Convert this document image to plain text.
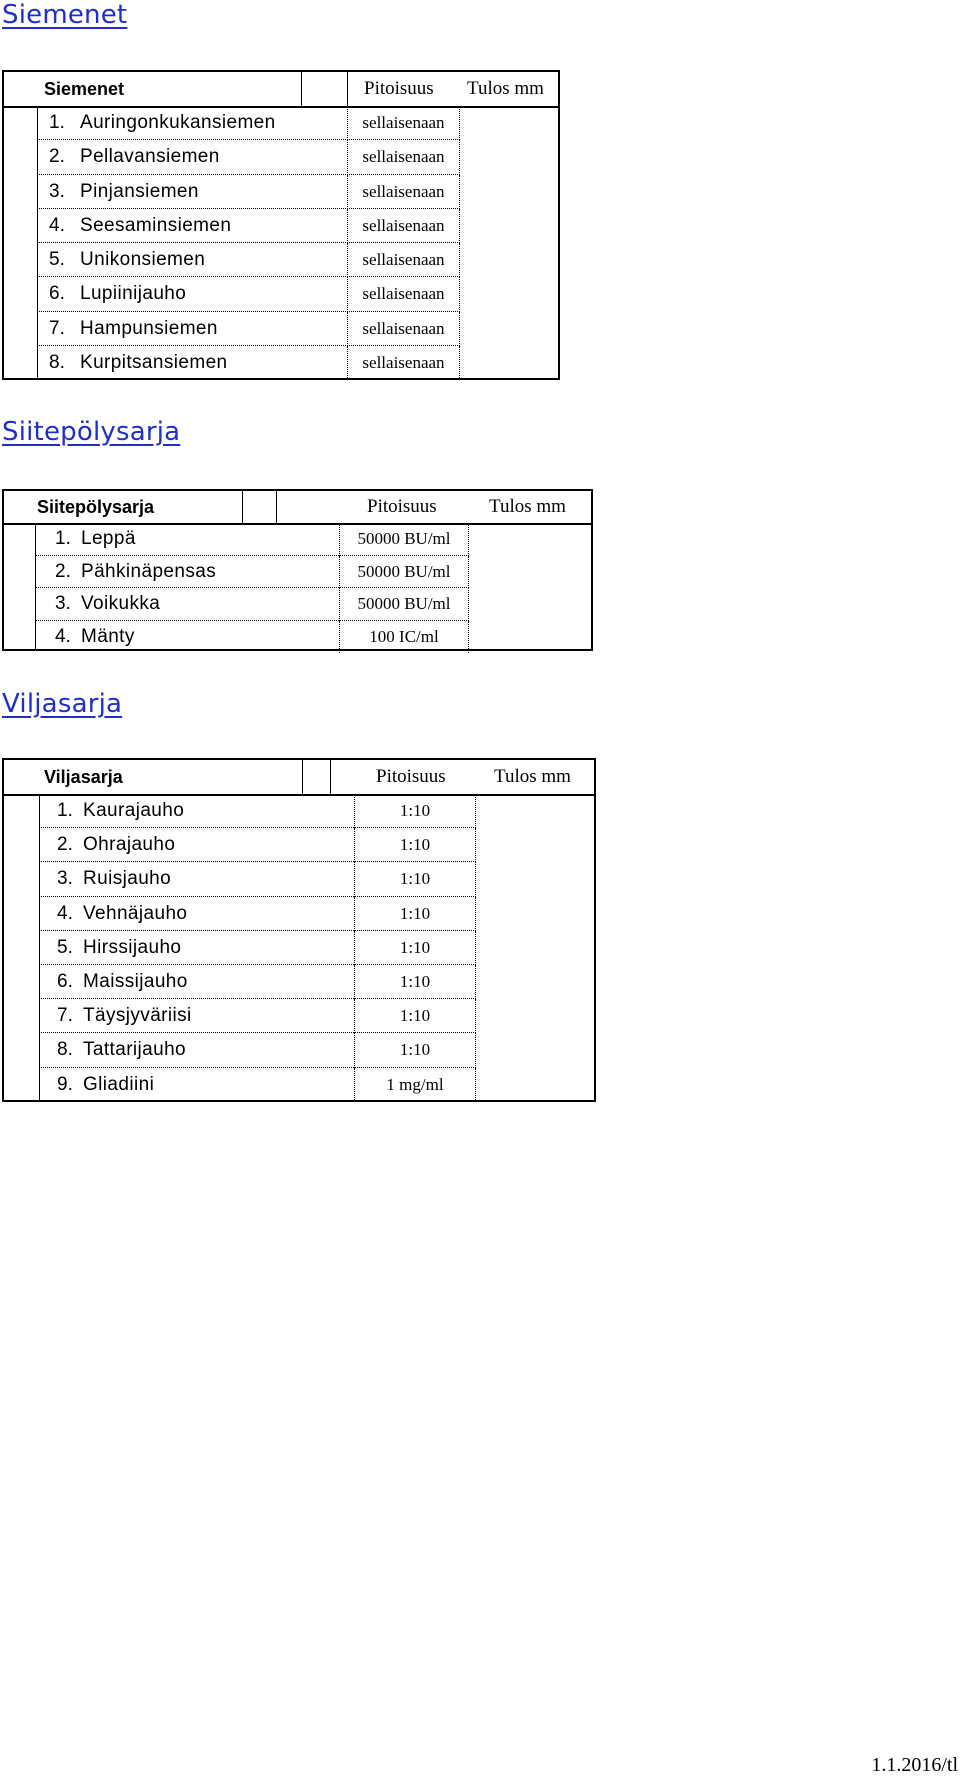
Siemenet
Siemenet	Pitoisuus Tulos mm
1. Auringonkukansiemen	sellaisenaan
2. Pellavansiemen	sellaisenaan
3. Pinjansiemen	sellaisenaan
4. Seesaminsiemen	sellaisenaan
5. Unikonsiemen	sellaisenaan
6. Lupiinijauho	sellaisenaan
7. Hampunsiemen	sellaisenaan
8. Kurpitsansiemen	sellaisenaan
Siitepölysarja
Siitepölysarja	Pitoisuus	Tulos mm
1. Leppä	50000 BU/ml
2. Pähkinäpensas	50000 BU/ml
3. Voikukka	50000 BU/ml
4. Mänty	100 IC/ml
Viljasarja
Viljasarja	Pitoisuus	Tulos mm
1. Kaurajauho	1:10
2. Ohrajauho	1:10
3. Ruisjauho	1:10
4. Vehnäjauho	1:10
5. Hirssijauho	1:10
6. Maissijauho	1:10
7. Täysjyväriisi	1:10
8. Tattarijauho	1:10
9. Gliadiini	1 mg/ml
1.1.2016/tl
